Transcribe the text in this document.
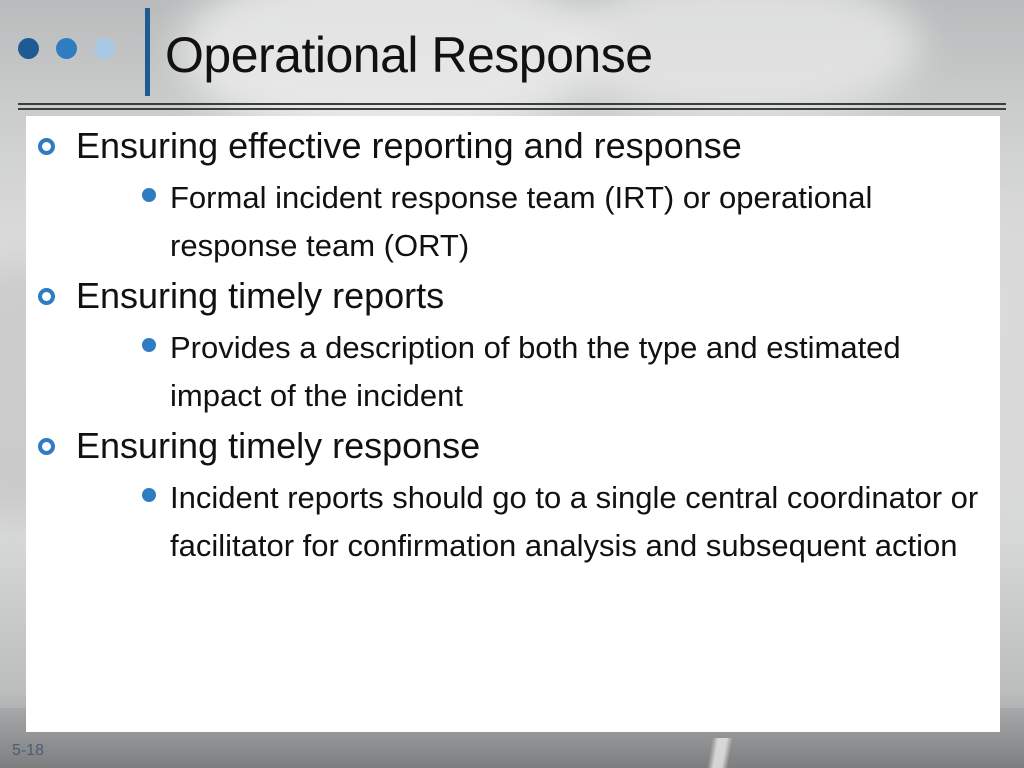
Operational Response
Ensuring effective reporting and response
Formal incident response team (IRT) or operational response team (ORT)
Ensuring timely reports
Provides a description of both the type and estimated impact of the incident
Ensuring timely response
Incident reports should go to a single central coordinator or facilitator for confirmation analysis and subsequent action
5-18
